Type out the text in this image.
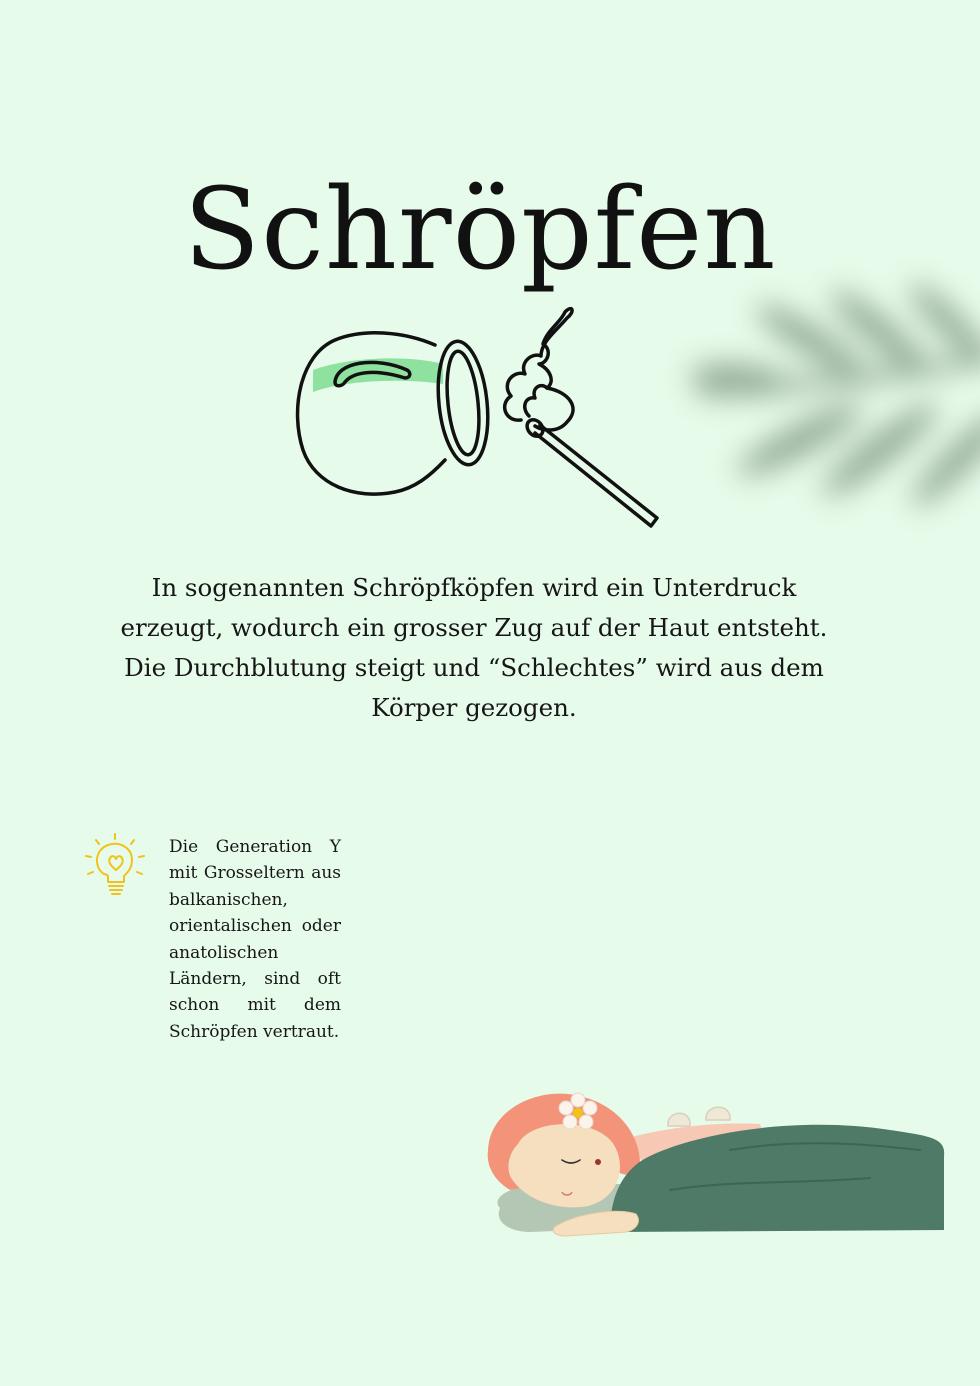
Schröpfen

In sogenannten Schröpfköpfen wird ein Unterdruck erzeugt, wodurch ein grosser Zug auf der Haut entsteht. Die Durchblutung steigt und “Schlechtes” wird aus dem Körper gezogen.

Die Generation Y mit Grosseltern aus balkanischen, orientalischen oder anatolischen Ländern, sind oft schon mit dem Schröpfen vertraut.
